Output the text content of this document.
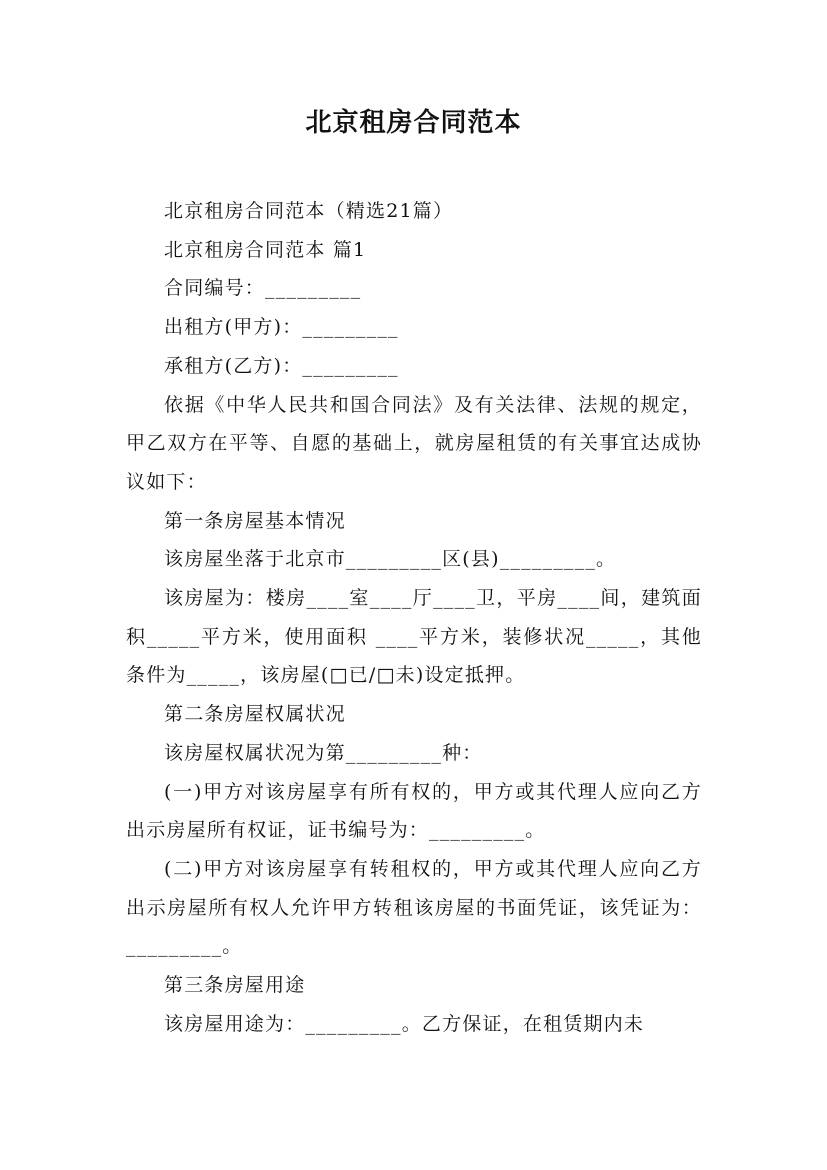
北京租房合同范本

北京租房合同范本（精选21篇）

北京租房合同范本 篇1

合同编号：_________

出租方(甲方)：_________

承租方(乙方)：_________

依据《中华人民共和国合同法》及有关法律、法规的规定，甲乙双方在平等、自愿的基础上，就房屋租赁的有关事宜达成协议如下：

第一条房屋基本情况

该房屋坐落于北京市_________区(县)_________。

该房屋为：楼房____室____厅____卫，平房____间，建筑面积_____平方米，使用面积 ____平方米，装修状况_____，其他条件为_____，该房屋(□已/□未)设定抵押。

第二条房屋权属状况

该房屋权属状况为第_________种：

(一)甲方对该房屋享有所有权的，甲方或其代理人应向乙方出示房屋所有权证，证书编号为：_________。

(二)甲方对该房屋享有转租权的，甲方或其代理人应向乙方出示房屋所有权人允许甲方转租该房屋的书面凭证，该凭证为：_________。

第三条房屋用途

该房屋用途为：_________。乙方保证，在租赁期内未
